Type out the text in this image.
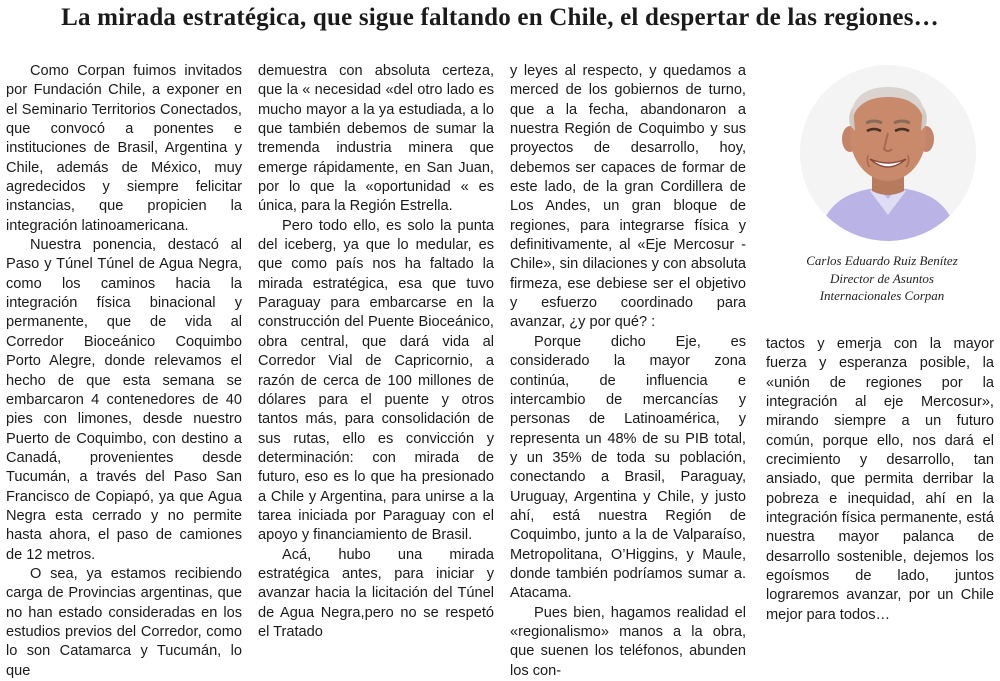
La mirada estratégica, que sigue faltando en Chile, el despertar de las regiones…

Como Corpan fuimos invitados por Fundación Chile, a exponer en el Seminario Territorios Conectados, que convocó a ponentes e instituciones de Brasil, Argentina y Chile, además de México, muy agredecidos y siempre felicitar instancias, que propicien la integración latinoamericana.

Nuestra ponencia, destacó al Paso y Túnel Túnel de Agua Negra, como los caminos hacia la integración física binacional y permanente, que de vida al Corredor Bioceánico Coquimbo Porto Alegre, donde relevamos el hecho de que esta semana se embarcaron 4 contenedores de 40 pies con limones, desde nuestro Puerto de Coquimbo, con destino a Canadá, provenientes desde Tucumán, a través del Paso San Francisco de Copiapó, ya que Agua Negra esta cerrado y no permite hasta ahora, el paso de camiones de 12 metros.

O sea, ya estamos recibiendo carga de Provincias argentinas, que no han estado consideradas en los estudios previos del Corredor, como lo son Catamarca y Tucumán, lo que

demuestra con absoluta certeza, que la « necesidad «del otro lado es mucho mayor a la ya estudiada, a lo que también debemos de sumar la tremenda industria minera que emerge rápidamente, en San Juan, por lo que la «oportunidad « es única, para la Región Estrella.

Pero todo ello, es solo la punta del iceberg, ya que lo medular, es que como país nos ha faltado la mirada estratégica, esa que tuvo Paraguay para embarcarse en la construcción del Puente Bioceánico, obra central, que dará vida al Corredor Vial de Capricornio, a razón de cerca de 100 millones de dólares para el puente y otros tantos más, para consolidación de sus rutas, ello es convicción y determinación: con mirada de futuro, eso es lo que ha presionado a Chile y Argentina, para unirse a la tarea iniciada por Paraguay con el apoyo y financiamiento de Brasil.

Acá, hubo una mirada estratégica antes, para iniciar y avanzar hacia la licitación del Túnel de Agua Negra,pero no se respetó el Tratado

y leyes al respecto, y quedamos a merced de los gobiernos de turno, que a la fecha, abandonaron a nuestra Región de Coquimbo y sus proyectos de desarrollo, hoy, debemos ser capaces de formar de este lado, de la gran Cordillera de Los Andes, un gran bloque de regiones, para integrarse física y definitivamente, al «Eje Mercosur - Chile», sin dilaciones y con absoluta firmeza, ese debiese ser el objetivo y esfuerzo coordinado para avanzar, ¿y por qué? :

Porque dicho Eje, es considerado la mayor zona continúa, de influencia e intercambio de mercancías y personas de Latinoamérica, y representa un 48% de su PIB total, y un 35% de toda su población, conectando a Brasil, Paraguay, Uruguay, Argentina y Chile, y justo ahí, está nuestra Región de Coquimbo, junto a la de Valparaíso, Metropolitana, O’Higgins, y Maule, donde también podríamos sumar a. Atacama.

Pues bien, hagamos realidad el «regionalismo» manos a la obra, que suenen los teléfonos, abunden los con-

Carlos Eduardo Ruiz Benítez
Director de Asuntos
Internacionales Corpan

tactos y emerja con la mayor fuerza y esperanza posible, la «unión de regiones por la integración al eje Mercosur», mirando siempre a un futuro común, porque ello, nos dará el crecimiento y desarrollo, tan ansiado, que permita derribar la pobreza e inequidad, ahí en la integración física permanente, está nuestra mayor palanca de desarrollo sostenible, dejemos los egoísmos de lado, juntos lograremos avanzar, por un Chile mejor para todos…
